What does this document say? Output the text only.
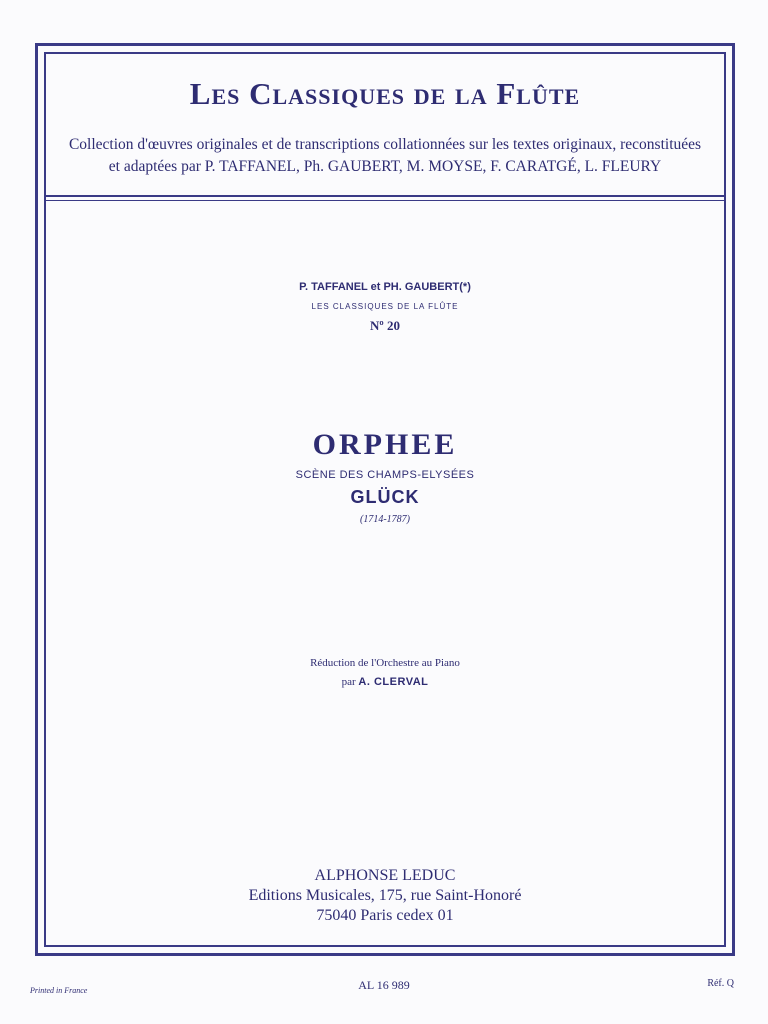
Les Classiques de la Flûte

Collection d'œuvres originales et de transcriptions collationnées sur les textes originaux, reconstituées
et adaptées par P. TAFFANEL, Ph. GAUBERT, M. MOYSE, F. CARATGÉ, L. FLEURY

P. TAFFANEL et PH. GAUBERT(*)
LES CLASSIQUES DE LA FLÛTE
Nº 20
ORPHEE
SCÈNE DES CHAMPS-ELYSÉES
GLÜCK
(1714-1787)
Réduction de l'Orchestre au Piano
par A. CLERVAL
ALPHONSE LEDUC
Editions Musicales, 175, rue Saint-Honoré
75040 Paris cedex 01
Printed in France	AL 16 989	Réf. Q
